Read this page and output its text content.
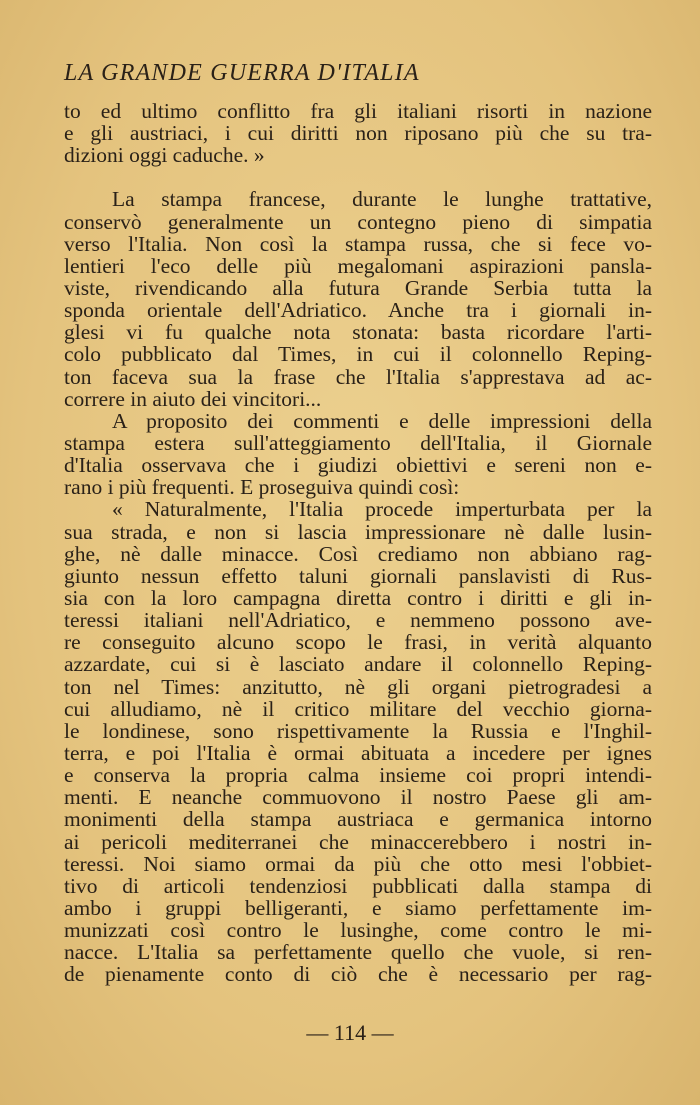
LA GRANDE GUERRA D'ITALIA
to ed ultimo conflitto fra gli italiani risorti in nazione
e gli austriaci, i cui diritti non riposano più che su tra-
dizioni oggi caduche. »
La stampa francese, durante le lunghe trattative,
conservò generalmente un contegno pieno di simpatia
verso l'Italia. Non così la stampa russa, che si fece vo-
lentieri l'eco delle più megalomani aspirazioni pansla-
viste, rivendicando alla futura Grande Serbia tutta la
sponda orientale dell'Adriatico. Anche tra i giornali in-
glesi vi fu qualche nota stonata: basta ricordare l'arti-
colo pubblicato dal Times, in cui il colonnello Reping-
ton faceva sua la frase che l'Italia s'apprestava ad ac-
correre in aiuto dei vincitori...
A proposito dei commenti e delle impressioni della
stampa estera sull'atteggiamento dell'Italia, il Giornale
d'Italia osservava che i giudizi obiettivi e sereni non e-
rano i più frequenti. E proseguiva quindi così:
« Naturalmente, l'Italia procede imperturbata per la
sua strada, e non si lascia impressionare nè dalle lusin-
ghe, nè dalle minacce. Così crediamo non abbiano rag-
giunto nessun effetto taluni giornali panslavisti di Rus-
sia con la loro campagna diretta contro i diritti e gli in-
teressi italiani nell'Adriatico, e nemmeno possono ave-
re conseguito alcuno scopo le frasi, in verità alquanto
azzardate, cui si è lasciato andare il colonnello Reping-
ton nel Times: anzitutto, nè gli organi pietrogradesi a
cui alludiamo, nè il critico militare del vecchio giorna-
le londinese, sono rispettivamente la Russia e l'Inghil-
terra, e poi l'Italia è ormai abituata a incedere per ignes
e conserva la propria calma insieme coi propri intendi-
menti. E neanche commuovono il nostro Paese gli am-
monimenti della stampa austriaca e germanica intorno
ai pericoli mediterranei che minaccerebbero i nostri in-
teressi. Noi siamo ormai da più che otto mesi l'obbiet-
tivo di articoli tendenziosi pubblicati dalla stampa di
ambo i gruppi belligeranti, e siamo perfettamente im-
munizzati così contro le lusinghe, come contro le mi-
nacce. L'Italia sa perfettamente quello che vuole, si ren-
de pienamente conto di ciò che è necessario per rag-
— 114 —
